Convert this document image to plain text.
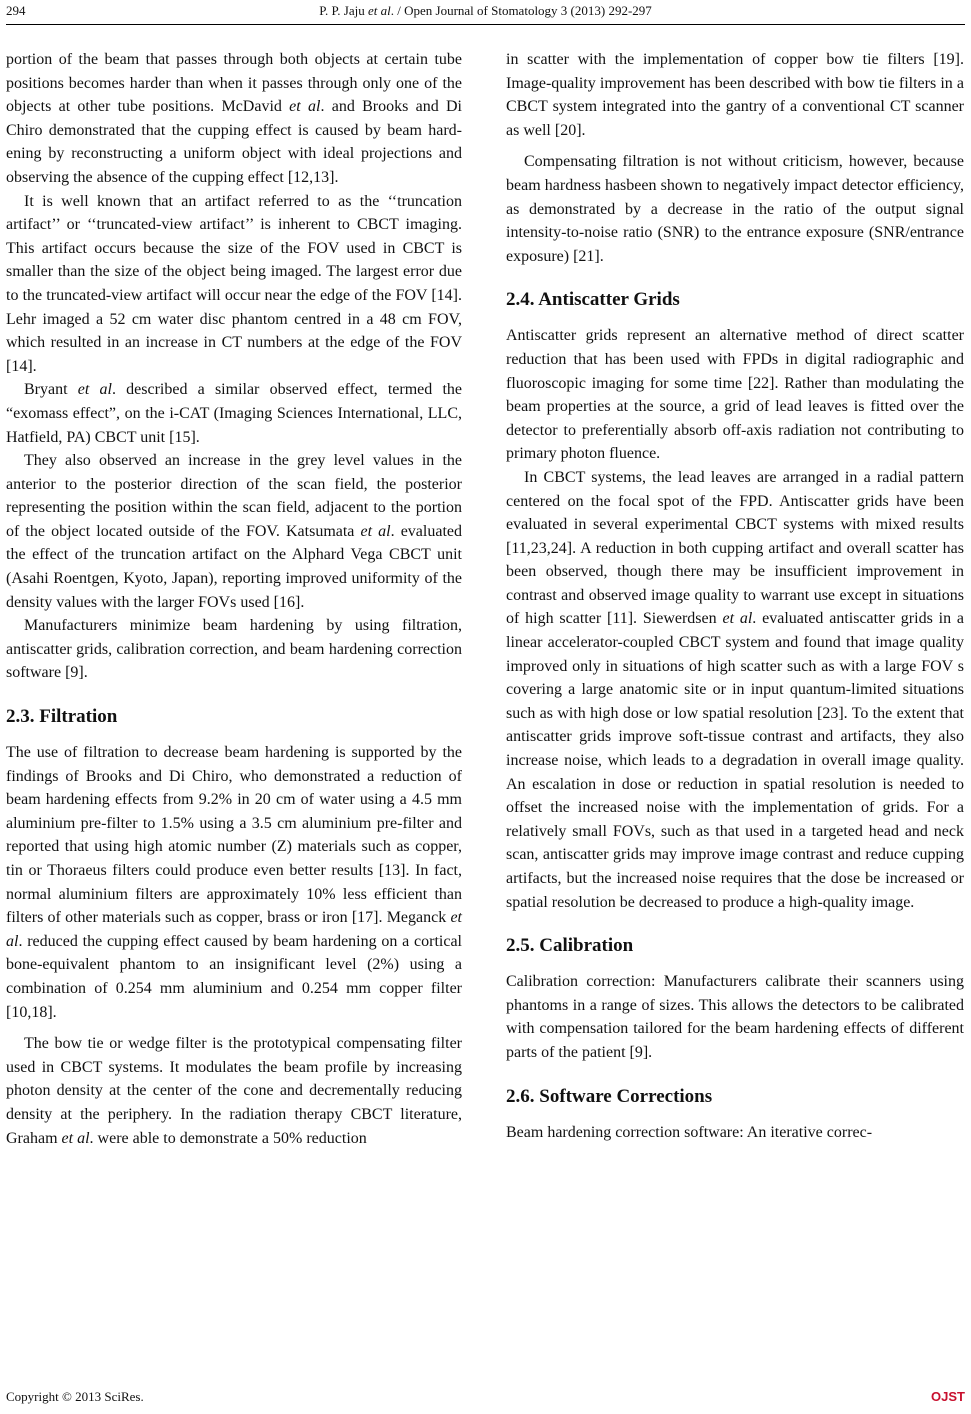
294	P. P. Jaju et al. / Open Journal of Stomatology 3 (2013) 292-297

portion of the beam that passes through both objects at certain tube positions becomes harder than when it passes through only one of the objects at other tube positions. McDavid et al. and Brooks and Di Chiro demonstrated that the cupping effect is caused by beam hardening by reconstructing a uniform object with ideal projections and observing the absence of the cupping effect [12,13].

It is well known that an artifact referred to as the ‘‘truncation artifact’’ or ‘‘truncated-view artifact’’ is inherent to CBCT imaging. This artifact occurs because the size of the FOV used in CBCT is smaller than the size of the object being imaged. The largest error due to the truncated-view artifact will occur near the edge of the FOV [14]. Lehr imaged a 52 cm water disc phantom centred in a 48 cm FOV, which resulted in an increase in CT numbers at the edge of the FOV [14].

Bryant et al. described a similar observed effect, termed the “exomass effect”, on the i-CAT (Imaging Sciences International, LLC, Hatfield, PA) CBCT unit [15].

They also observed an increase in the grey level values in the anterior to the posterior direction of the scan field, the posterior representing the position within the scan field, adjacent to the portion of the object located outside of the FOV. Katsumata et al. evaluated the effect of the truncation artifact on the Alphard Vega CBCT unit (Asahi Roentgen, Kyoto, Japan), reporting improved uniformity of the density values with the larger FOVs used [16].

Manufacturers minimize beam hardening by using filtration, antiscatter grids, calibration correction, and beam hardening correction software [9].

2.3. Filtration

The use of filtration to decrease beam hardening is supported by the findings of Brooks and Di Chiro, who demonstrated a reduction of beam hardening effects from 9.2% in 20 cm of water using a 4.5 mm aluminium pre-filter to 1.5% using a 3.5 cm aluminium pre-filter and reported that using high atomic number (Z) materials such as copper, tin or Thoraeus filters could produce even better results [13]. In fact, normal aluminium filters are approximately 10% less efficient than filters of other materials such as copper, brass or iron [17]. Meganck et al. reduced the cupping effect caused by beam hardening on a cortical bone-equivalent phantom to an insignificant level (2%) using a combination of 0.254 mm aluminium and 0.254 mm copper filter [10,18].

The bow tie or wedge filter is the prototypical compensating filter used in CBCT systems. It modulates the beam profile by increasing photon density at the center of the cone and decrementally reducing density at the periphery. In the radiation therapy CBCT literature, Graham et al. were able to demonstrate a 50% reduction

in scatter with the implementation of copper bow tie filters [19]. Image-quality improvement has been described with bow tie filters in a CBCT system integrated into the gantry of a conventional CT scanner as well [20].

Compensating filtration is not without criticism, however, because beam hardness hasbeen shown to negatively impact detector efficiency, as demonstrated by a decrease in the ratio of the output signal intensity-to-noise ratio (SNR) to the entrance exposure (SNR/entrance exposure) [21].

2.4. Antiscatter Grids

Antiscatter grids represent an alternative method of direct scatter reduction that has been used with FPDs in digital radiographic and fluoroscopic imaging for some time [22]. Rather than modulating the beam properties at the source, a grid of lead leaves is fitted over the detector to preferentially absorb off-axis radiation not contributing to primary photon fluence.

In CBCT systems, the lead leaves are arranged in a radial pattern centered on the focal spot of the FPD. Antiscatter grids have been evaluated in several experimental CBCT systems with mixed results [11,23,24]. A reduction in both cupping artifact and overall scatter has been observed, though there may be insufficient improvement in contrast and observed image quality to warrant use except in situations of high scatter [11]. Siewerdsen et al. evaluated antiscatter grids in a linear accelerator-coupled CBCT system and found that image quality improved only in situations of high scatter such as with a large FOV s covering a large anatomic site or in input quantum-limited situations such as with high dose or low spatial resolution [23]. To the extent that antiscatter grids improve soft-tissue contrast and artifacts, they also increase noise, which leads to a degradation in overall image quality. An escalation in dose or reduction in spatial resolution is needed to offset the increased noise with the implementation of grids. For a relatively small FOVs, such as that used in a targeted head and neck scan, antiscatter grids may improve image contrast and reduce cupping artifacts, but the increased noise requires that the dose be increased or spatial resolution be decreased to produce a high-quality image.

2.5. Calibration

Calibration correction: Manufacturers calibrate their scanners using phantoms in a range of sizes. This allows the detectors to be calibrated with compensation tailored for the beam hardening effects of different parts of the patient [9].

2.6. Software Corrections

Beam hardening correction software: An iterative correc-

Copyright © 2013 SciRes.	OJST
